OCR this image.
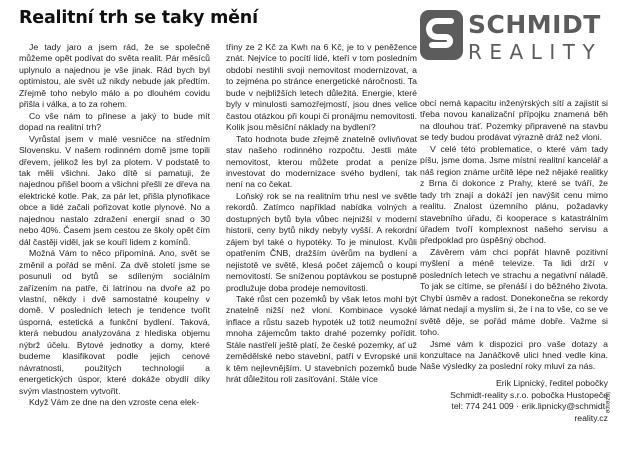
Realitní trh se taky mění	SCHMIDT
REALITY

Je tady jaro a jsem rád, že se společně můžeme opět podívat do světa realit. Pár měsíců uplynulo a najednou je vše jinak. Rád bych byl optimistou, ale svět už nikdy nebude jak předtím. Zřejmě toho nebylo málo a po dlouhém covidu přišla i válka, a to za rohem.

Co vše nám to přinese a jaký to bude mít dopad na realitní trh?

Vyrůstal jsem v malé vesničce na středním Slovensku. V našem rodinném domě jsme topili dřevem, jelikož les byl za plotem. V podstatě to tak měli všichni. Jako dítě si pamatuji, že najednou přišel boom a všichni přešli ze dřeva na elektrické kotle. Pak, za pár let, přišla plynofikace obce a lidé začali pořizovat kotle plynové. No a najednou nastalo zdražení energií snad o 30 nebo 40%. Časem jsem cestou ze školy opět čím dál častěji viděl, jak se kouří lidem z komínů.

Možná Vám to něco připomíná. Ano, svět se změnil a pořád se mění. Za dvě století jsme se posunuli od bytů se sdíleným sociálním zařízením na patře, či latrínou na dvoře až po vlastní, někdy i dvě samostatné koupelny v domě. V posledních letech je tendence tvořit úsporná, estetická a funkční bydlení. Taková, která nebudou analyzována z hlediska objemu nýbrž účelu. Bytové jednotky a domy, které budeme klasifikovat podle jejich cenové návratnosti, použitých technologií a energetických úspor, které dokáže obydlí díky svým vlastnostem vytvořit.

Když Vám ze dne na den vzroste cena elek-

třiny ze 2 Kč za Kwh na 6 Kč, je to v peněžence znát. Nejvíce to pocítí lidé, kteří v tom posledním období nestihli svoji nemovitost modernizovat, a to zejména po stránce energetické náročnosti. Ta bude v nejbližších letech důležitá. Energie, které byly v minulosti samozřejmostí, jsou dnes velice častou otázkou při koupi či pronájmu nemovitosti. Kolik jsou měsíční náklady na bydlení?

Tato hodnota bude zřejmě znatelně ovlivňovat stav našeho rodinného rozpočtu. Jestli máte nemovitost, kterou můžete prodat a peníze investovat do modernizace svého bydlení, tak není na co čekat.

Loňský rok se na realitním trhu nesl ve světle rekordů. Zatímco například nabídka volných a dostupných bytů byla vůbec nejnižší v moderní historii, ceny bytů nikdy nebyly vyšší. A rekordní zájem byl také o hypotéky. To je minulost. Kvůli opatřením ČNB, dražším úvěrům na bydlení a nejistotě ve světě, klesá počet zájemců o koupi nemovitostí. Se sníženou poptávkou se postupně prodlužuje doba prodeje nemovitosti.

Také růst cen pozemků by však letos mohl být znatelně nižší než vloni. Kombinace vysoké inflace a růstu sazeb hypoték už totiž neumožní mnoha zájemcům takto drahé pozemky pořídit. Stále nastřelí ještě platí, že české pozemky, ať už zemědělské nebo stavební, patří v Evropské unii k těm nejlevnějším. U stavebních pozemků bude hrát důležitou roli zasíťování. Stále více

obcí nemá kapacitu inženýrských sítí a zajistit si třeba novou kanalizační přípojku znamená běh na dlouhou trať. Pozemky připravené na stavbu se tedy budou prodávat výrazně dráž než vloni.

V celé této problematice, o které vám tady píšu, jsme doma. Jsme místní realitní kancelář a náš region známe určitě lépe než nějaké realitky z Brna či dokonce z Prahy, které se tváří, že tady trh znají a dokáží jen navýšit cenu mimo realitu. Znalost územního plánu, požadavky stavebního úřadu, či kooperace s katastrálním úřadem tvoří komplexnost našeho servisu a předpoklad pro úspěšný obchod.

Závěrem vám chci popřát hlavně pozitivní myšlení a méně televize. Ta lidi drží v posledních letech ve strachu a negativní náladě. To jak se cítíme, se přenáší i do běžného života. Chybí úsměv a radost. Donekonečna se rekordy lámat nedají a myslím si, že i na to vše, co se ve světě děje, se pořád máme dobře. Važme si toho.

Jsme vám k dispozici pro vaše dotazy a konzultace na Janáčkově ulici hned vedle kina. Naše výsledky za poslední roky mluví za nás.

Erik Lipnický, ředitel pobočky
Schmidt-reality s.r.o. pobočka Hustopeče
tel: 774 241 009 · erik.lipnicky@schmidt-reality.cz
Inzerce
